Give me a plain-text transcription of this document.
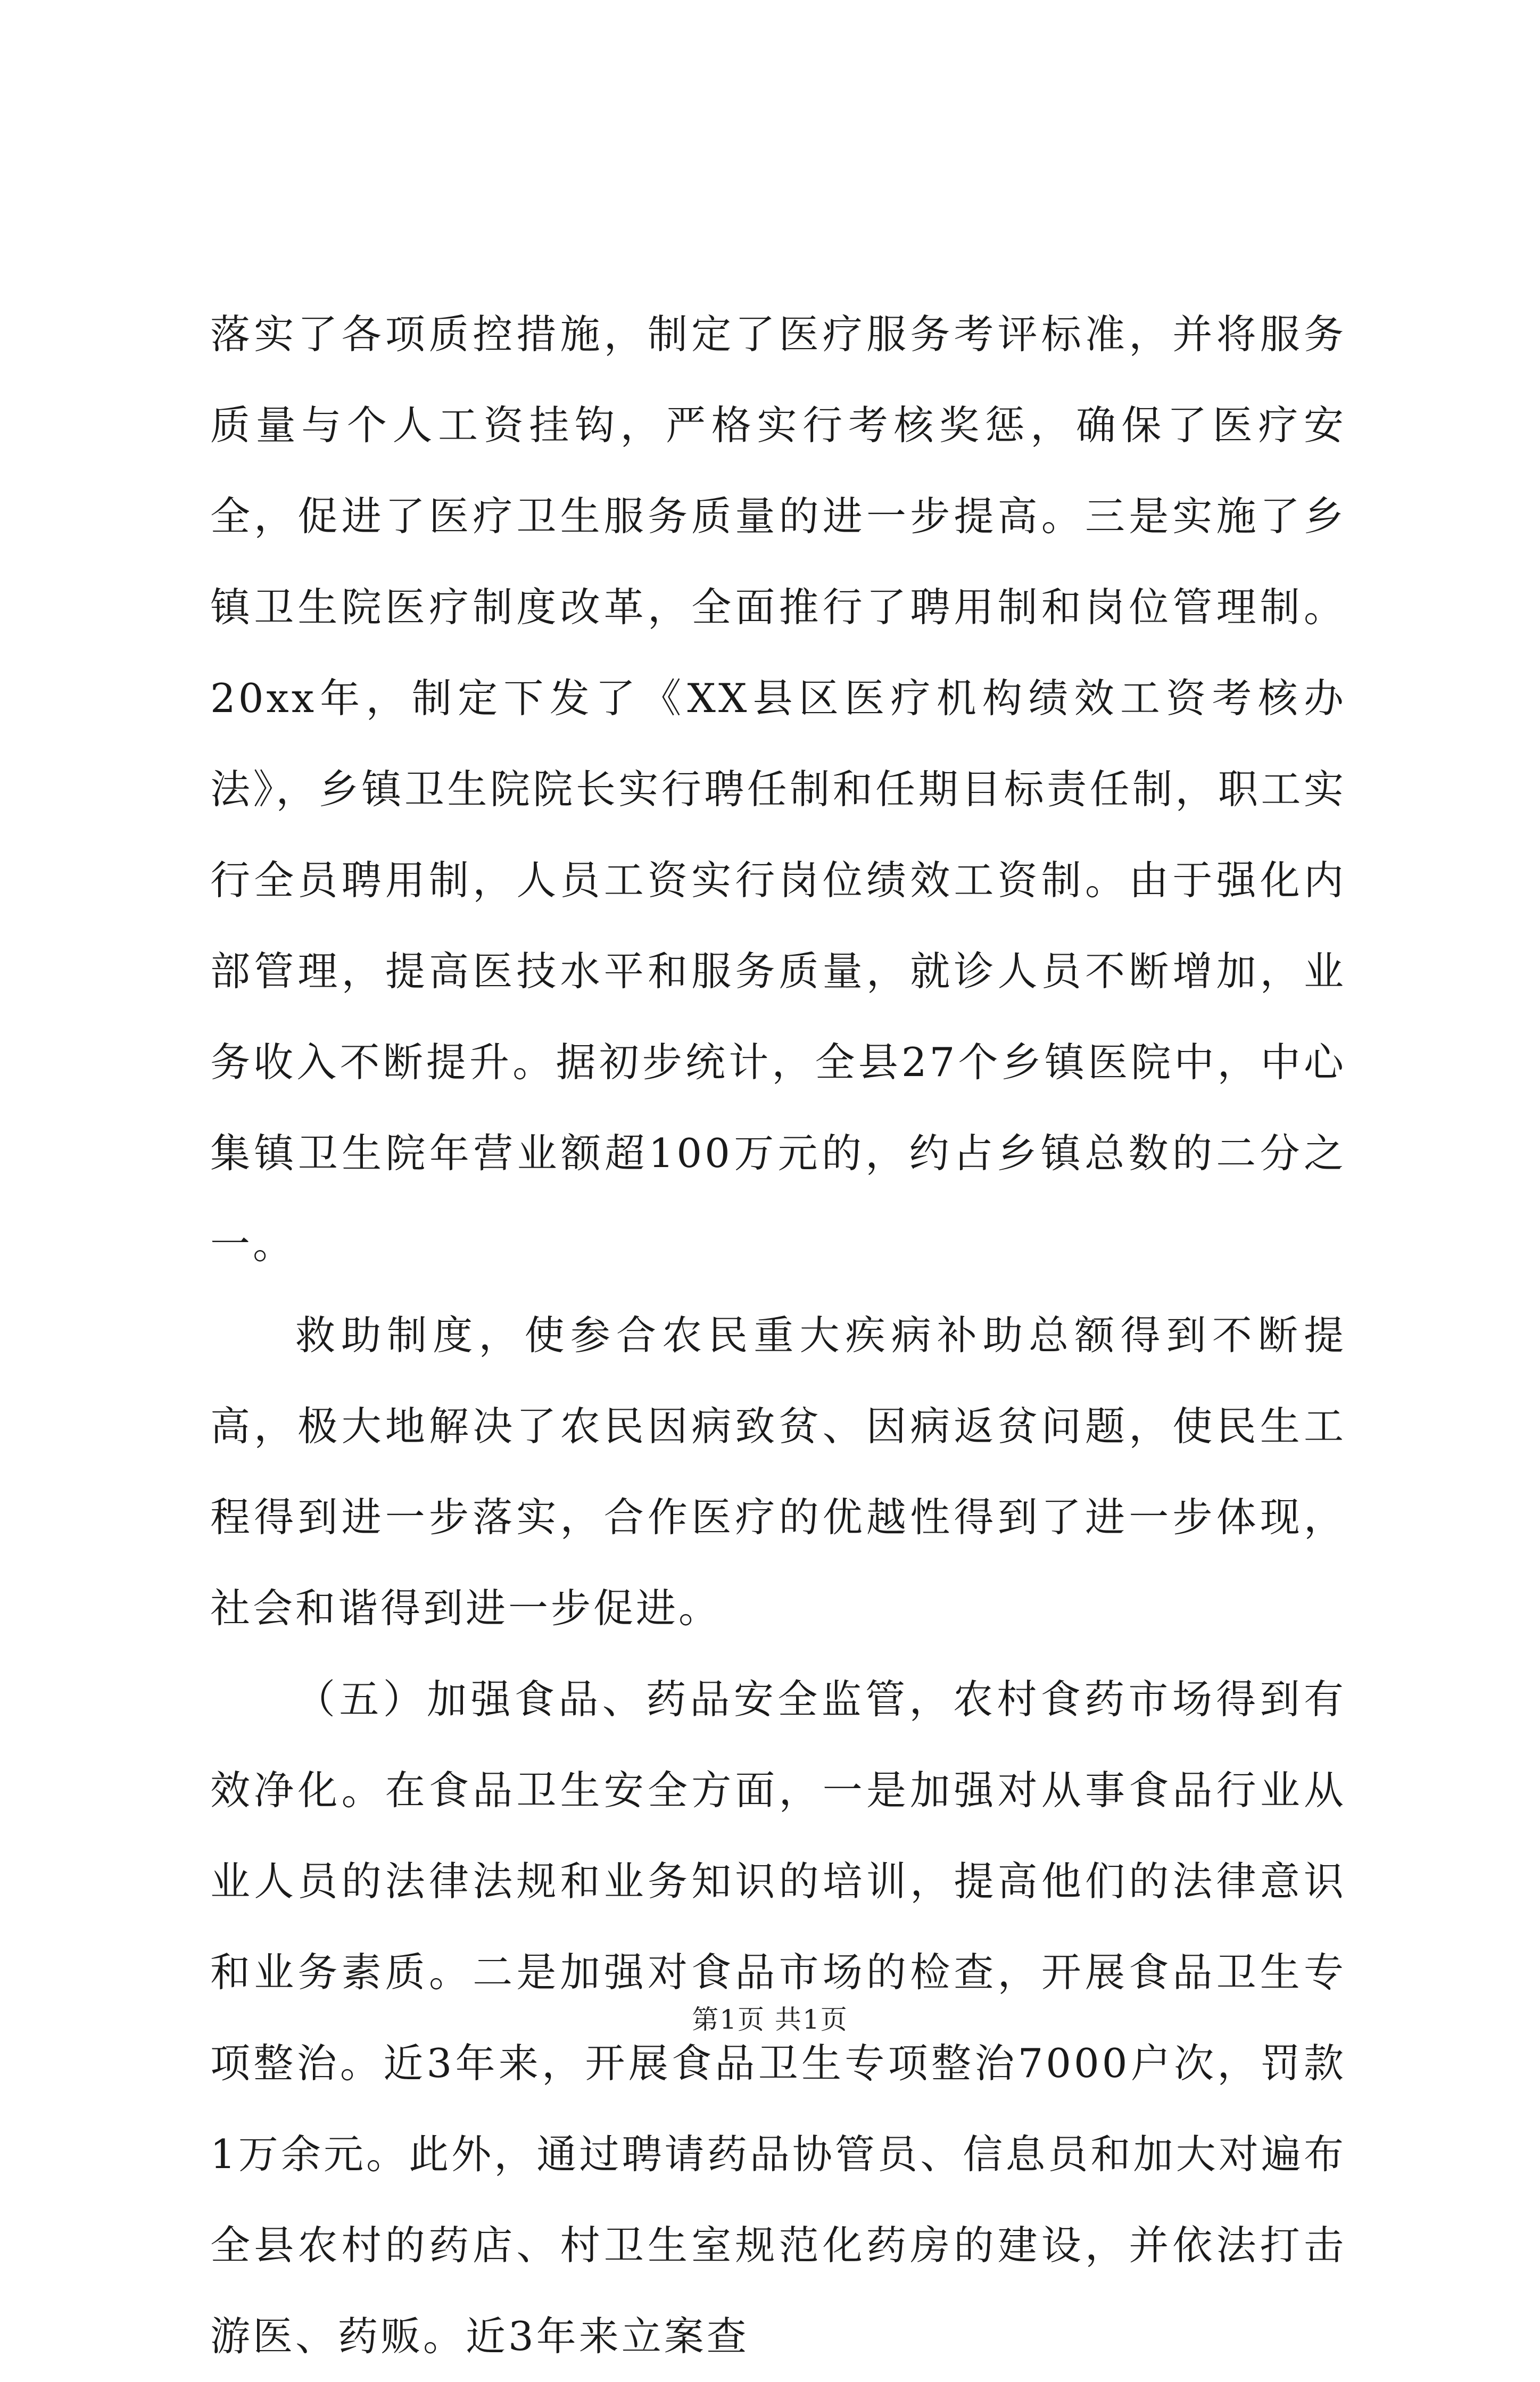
落实了各项质控措施，制定了医疗服务考评标准，并将服务质量与个人工资挂钩，严格实行考核奖惩，确保了医疗安全，促进了医疗卫生服务质量的进一步提高。三是实施了乡镇卫生院医疗制度改革，全面推行了聘用制和岗位管理制。20xx年，制定下发了《XX县区医疗机构绩效工资考核办法》，乡镇卫生院院长实行聘任制和任期目标责任制，职工实行全员聘用制，人员工资实行岗位绩效工资制。由于强化内部管理，提高医技水平和服务质量，就诊人员不断增加，业务收入不断提升。据初步统计，全县27个乡镇医院中，中心集镇卫生院年营业额超100万元的，约占乡镇总数的二分之一。

救助制度，使参合农民重大疾病补助总额得到不断提高，极大地解决了农民因病致贫、因病返贫问题，使民生工程得到进一步落实，合作医疗的优越性得到了进一步体现，社会和谐得到进一步促进。

（五）加强食品、药品安全监管，农村食药市场得到有效净化。在食品卫生安全方面，一是加强对从事食品行业从业人员的法律法规和业务知识的培训，提高他们的法律意识和业务素质。二是加强对食品市场的检查，开展食品卫生专项整治。近3年来，开展食品卫生专项整治7000户次，罚款1万余元。此外，通过聘请药品协管员、信息员和加大对遍布全县农村的药店、村卫生室规范化药房的建设，并依法打击游医、药贩。近3年来立案查

第1页 共1页
